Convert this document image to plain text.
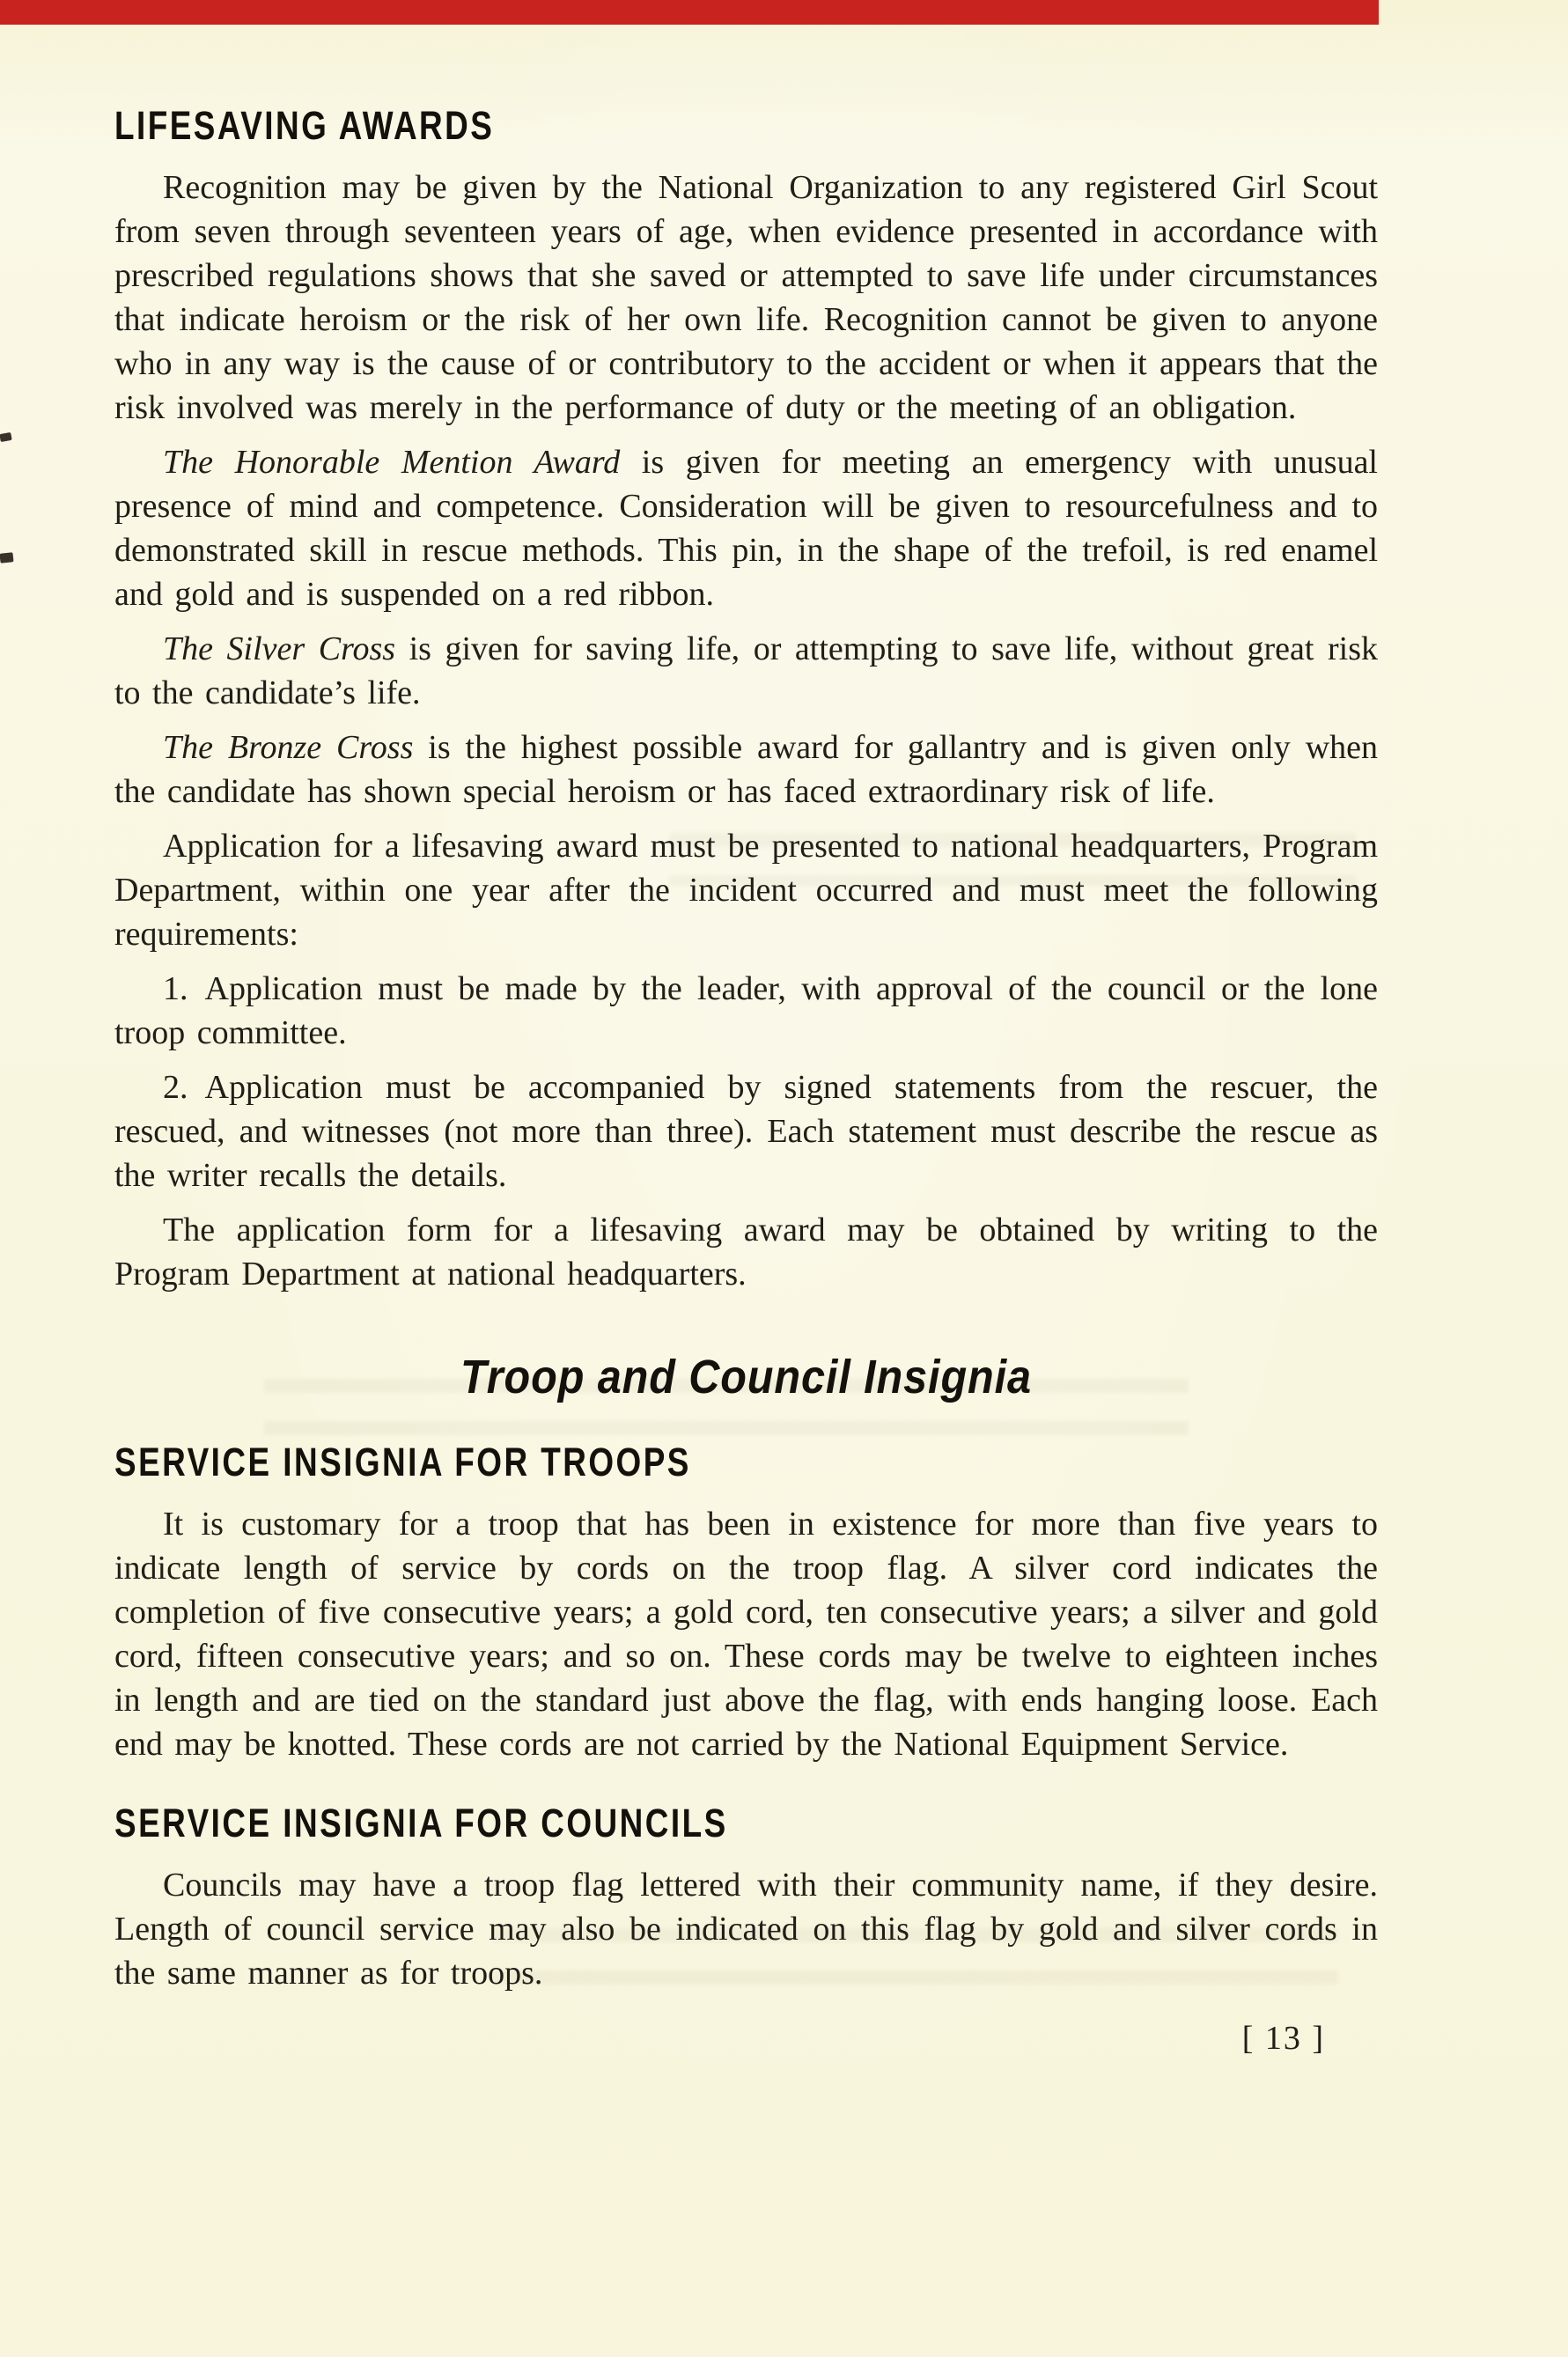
LIFESAVING AWARDS

Recognition may be given by the National Organization to any registered Girl Scout from seven through seventeen years of age, when evidence presented in accordance with prescribed regulations shows that she saved or attempted to save life under circumstances that indicate heroism or the risk of her own life. Recognition cannot be given to anyone who in any way is the cause of or contributory to the accident or when it appears that the risk involved was merely in the performance of duty or the meeting of an obligation.

The Honorable Mention Award is given for meeting an emergency with unusual presence of mind and competence. Consideration will be given to resourcefulness and to demonstrated skill in rescue methods. This pin, in the shape of the trefoil, is red enamel and gold and is suspended on a red ribbon.

The Silver Cross is given for saving life, or attempting to save life, without great risk to the candidate’s life.

The Bronze Cross is the highest possible award for gallantry and is given only when the candidate has shown special heroism or has faced extraordinary risk of life.

Application for a lifesaving award must be presented to national headquarters, Program Department, within one year after the incident occurred and must meet the following requirements:

1. Application must be made by the leader, with approval of the council or the lone troop committee.

2. Application must be accompanied by signed statements from the rescuer, the rescued, and witnesses (not more than three). Each statement must describe the rescue as the writer recalls the details.

The application form for a lifesaving award may be obtained by writing to the Program Department at national headquarters.

Troop and Council Insignia
SERVICE INSIGNIA FOR TROOPS

It is customary for a troop that has been in existence for more than five years to indicate length of service by cords on the troop flag. A silver cord indicates the completion of five consecutive years; a gold cord, ten consecutive years; a silver and gold cord, fifteen consecutive years; and so on. These cords may be twelve to eighteen inches in length and are tied on the standard just above the flag, with ends hanging loose. Each end may be knotted. These cords are not carried by the National Equipment Service.

SERVICE INSIGNIA FOR COUNCILS

Councils may have a troop flag lettered with their community name, if they desire. Length of council service may also be indicated on this flag by gold and silver cords in the same manner as for troops.

[ 13 ]
